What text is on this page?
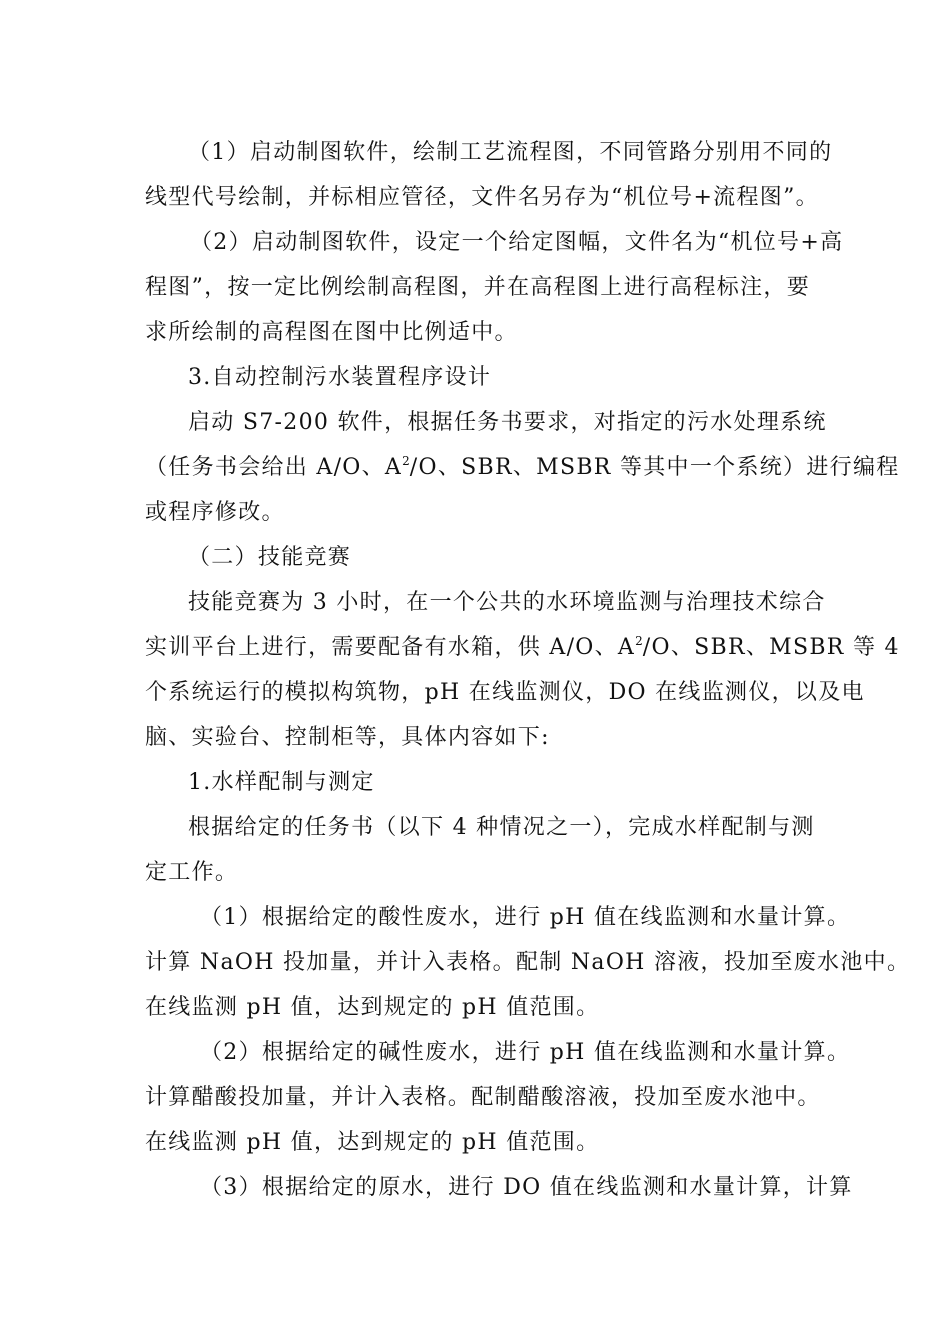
（1）启动制图软件，绘制工艺流程图，不同管路分别用不同的
线型代号绘制，并标相应管径，文件名另存为“机位号+流程图”。
（2）启动制图软件，设定一个给定图幅，文件名为“机位号+高
程图”，按一定比例绘制高程图，并在高程图上进行高程标注，要
求所绘制的高程图在图中比例适中。
3.自动控制污水装置程序设计
启动 S7-200 软件，根据任务书要求，对指定的污水处理系统
（任务书会给出 A/O、$A^2/O$、SBR、MSBR 等其中一个系统）进行编程
或程序修改。
（二）技能竞赛
技能竞赛为 3 小时，在一个公共的水环境监测与治理技术综合
实训平台上进行，需要配备有水箱，供 A/O、$A^2/O$、SBR、MSBR 等 4
个系统运行的模拟构筑物，pH 在线监测仪，DO 在线监测仪，以及电
脑、实验台、控制柜等，具体内容如下:
1.水样配制与测定
根据给定的任务书（以下 4 种情况之一），完成水样配制与测
定工作。
（1）根据给定的酸性废水，进行 pH 值在线监测和水量计算。
计算 NaOH 投加量，并计入表格。配制 NaOH 溶液，投加至废水池中。
在线监测 pH 值，达到规定的 pH 值范围。
（2）根据给定的碱性废水，进行 pH 值在线监测和水量计算。
计算醋酸投加量，并计入表格。配制醋酸溶液，投加至废水池中。
在线监测 pH 值，达到规定的 pH 值范围。
（3）根据给定的原水，进行 DO 值在线监测和水量计算，计算
